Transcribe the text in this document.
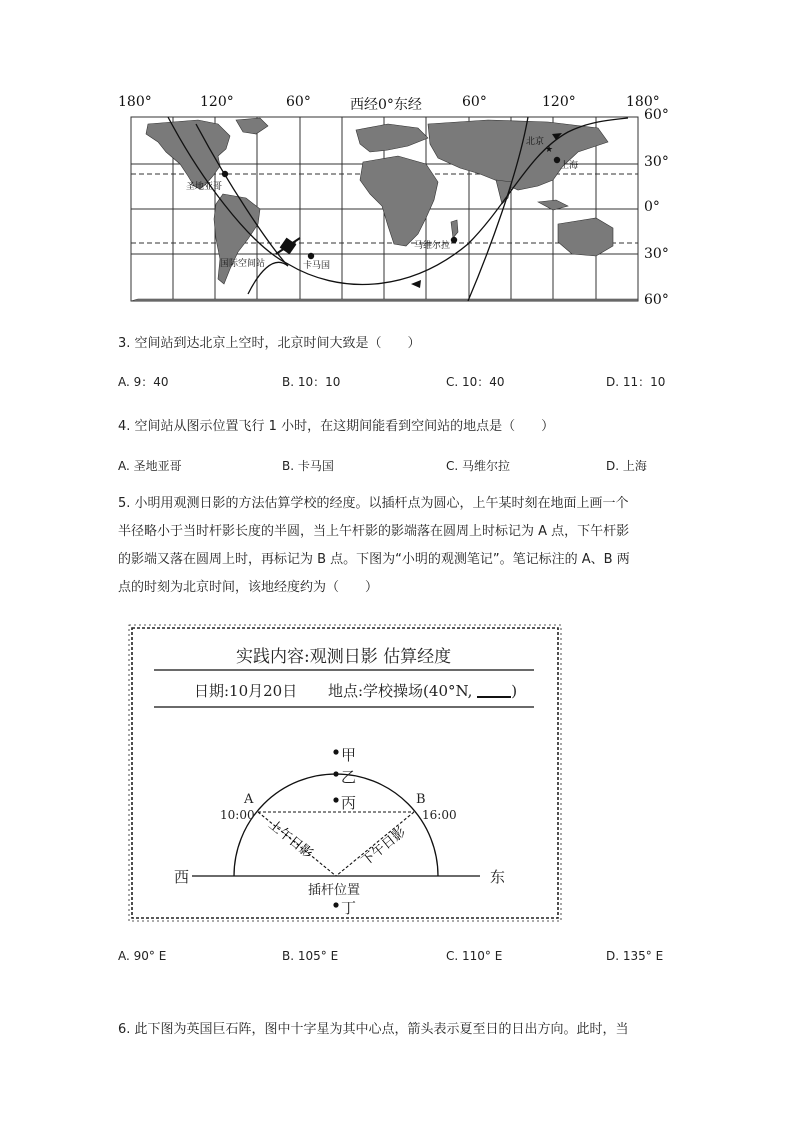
★
圣地亚哥
国际空间站	卡马国
马维尔拉
北京
上海
180°	120°	60°	西经0°东经	60°	120°	180°
60°
30°
0°
30°
60°
3. 空间站到达北京上空时，北京时间大致是（　　）
A. 9：40	B. 10：10	C. 10：40	D. 11：10
4. 空间站从图示位置飞行 1 小时，在这期间能看到空间站的地点是（　　）
A. 圣地亚哥	B. 卡马国	C. 马维尔拉	D. 上海
5. 小明用观测日影的方法估算学校的经度。以插杆点为圆心，上午某时刻在地面上画一个
半径略小于当时杆影长度的半圆，当上午杆影的影端落在圆周上时标记为 A 点，下午杆影
的影端又落在圆周上时，再标记为 B 点。下图为“小明的观测笔记”。笔记标注的 A、B 两
点的时刻为北京时间，该地经度约为（　　）
上午日影	下午日影
实践内容:观测日影 估算经度
日期:10月20日 地点:学校操场(40°N, )
甲
乙
丙
丁
A
10:00
B
16:00
西	东
插杆位置
A. 90° E	B. 105° E	C. 110° E	D. 135° E
6. 此下图为英国巨石阵，图中十字星为其中心点，箭头表示夏至日的日出方向。此时，当
